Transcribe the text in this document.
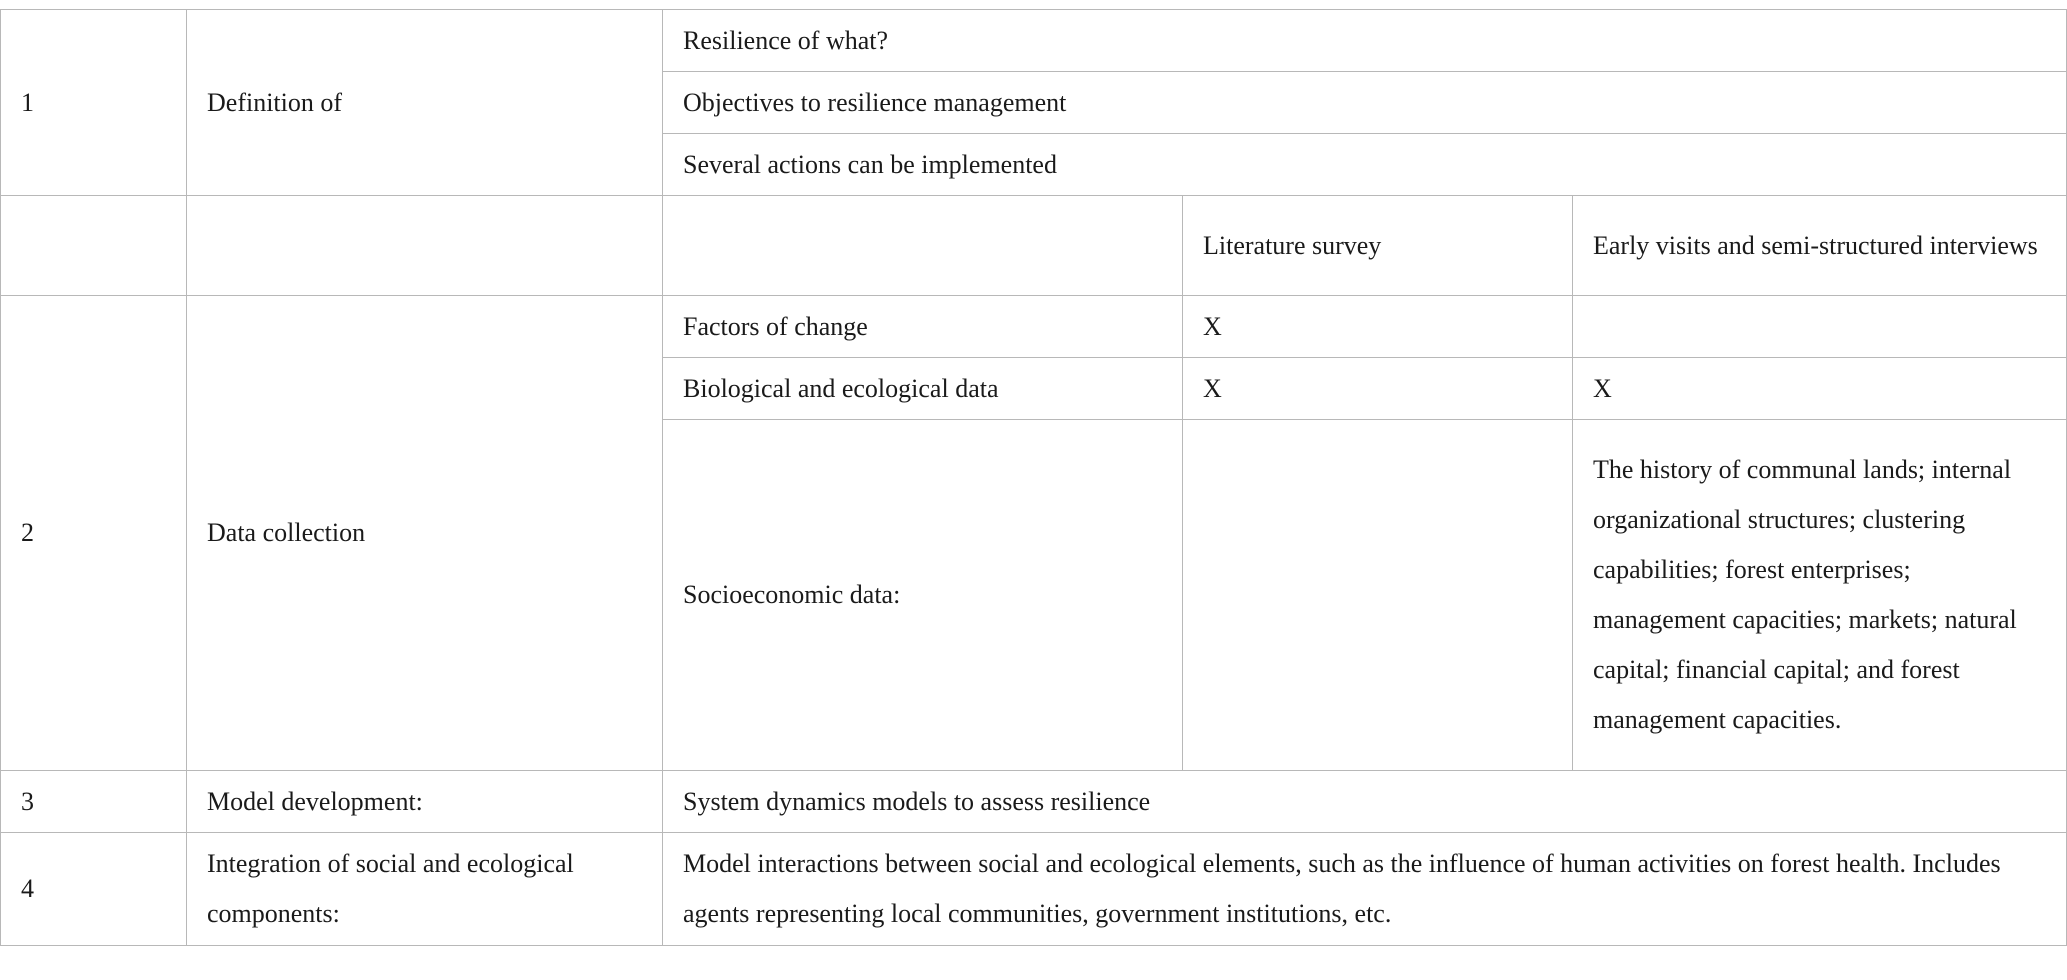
1	Definition of	Resilience of what?		
		Objectives to resilience management		
		Several actions can be implemented		
			Literature survey	Early visits and semi-structured interviews
2	Data collection	Factors of change	X	
		Biological and ecological data	X	X
		Socioeconomic data:		The history of communal lands; internal organizational structures; clustering capabilities; forest enterprises; management capacities; markets; natural capital; financial capital; and forest management capacities.
3	Model development:	System dynamics models to assess resilience		
4	Integration of social and ecological components:	Model interactions between social and ecological elements, such as the influence of human activities on forest health. Includes agents representing local communities, government institutions, etc.		
